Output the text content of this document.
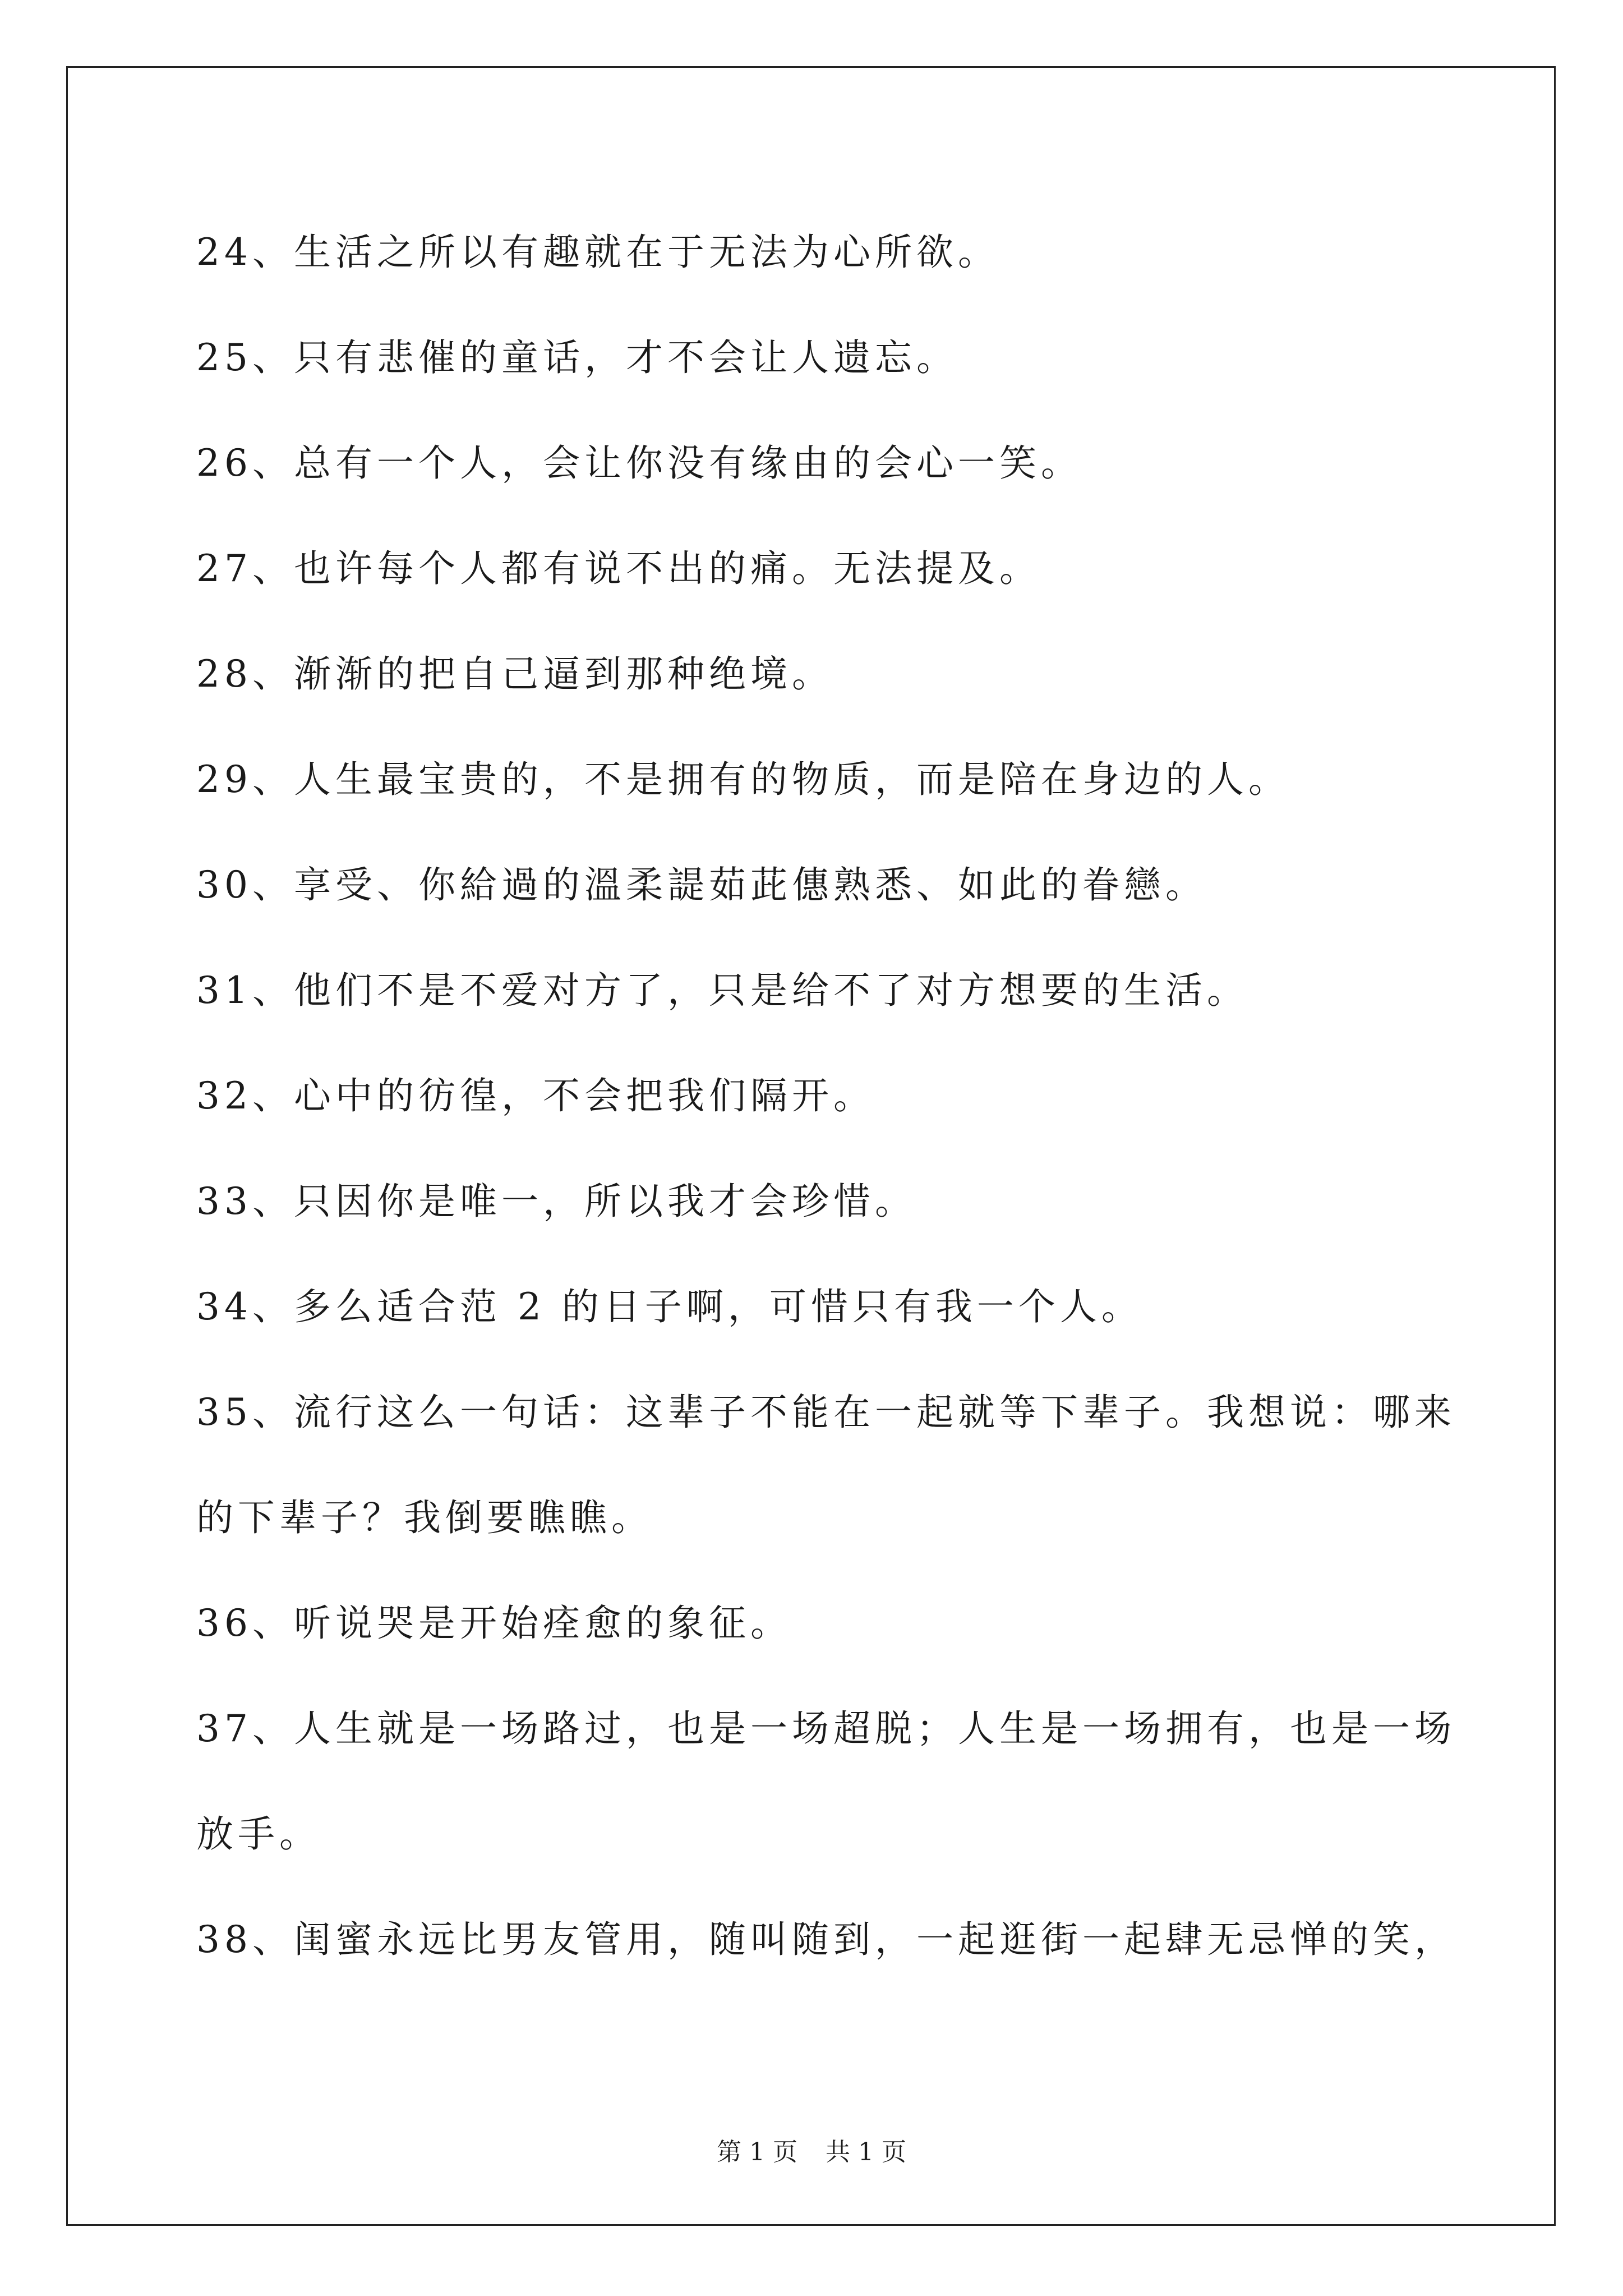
24、生活之所以有趣就在于无法为心所欲。
25、只有悲催的童话，才不会让人遗忘。
26、总有一个人，会让你没有缘由的会心一笑。
27、也许每个人都有说不出的痛。无法提及。
28、渐渐的把自己逼到那种绝境。
29、人生最宝贵的，不是拥有的物质，而是陪在身边的人。
30、享受、你給過的溫柔諟茹茈僡熟悉、如此的眷戀。
31、他们不是不爱对方了，只是给不了对方想要的生活。
32、心中的彷徨，不会把我们隔开。
33、只因你是唯一，所以我才会珍惜。
34、多么适合范 2 的日子啊，可惜只有我一个人。
35、流行这么一句话：这辈子不能在一起就等下辈子。我想说：哪来
的下辈子？我倒要瞧瞧。
36、听说哭是开始痊愈的象征。
37、人生就是一场路过，也是一场超脱；人生是一场拥有，也是一场
放手。
38、闺蜜永远比男友管用，随叫随到，一起逛街一起肆无忌惮的笑，
第 1 页 共 1 页
